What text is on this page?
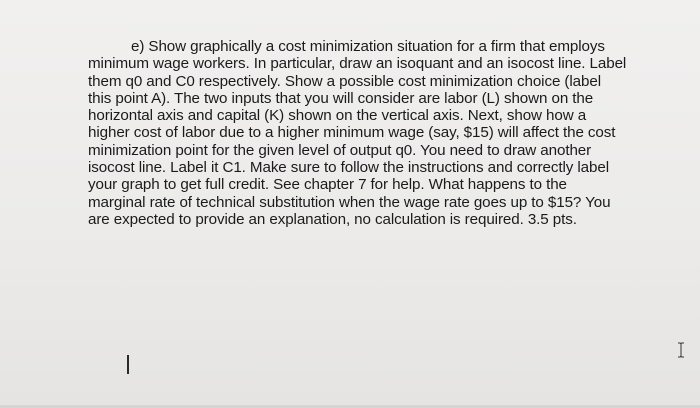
e) Show graphically a cost minimization situation for a firm that employs
minimum wage workers. In particular, draw an isoquant and an isocost line. Label
them q0 and C0 respectively. Show a possible cost minimization choice (label
this point A). The two inputs that you will consider are labor (L) shown on the
horizontal axis and capital (K) shown on the vertical axis. Next, show how a
higher cost of labor due to a higher minimum wage (say, $15) will affect the cost
minimization point for the given level of output q0. You need to draw another
isocost line. Label it C1. Make sure to follow the instructions and correctly label
your graph to get full credit. See chapter 7 for help. What happens to the
marginal rate of technical substitution when the wage rate goes up to $15? You
are expected to provide an explanation, no calculation is required. 3.5 pts.
